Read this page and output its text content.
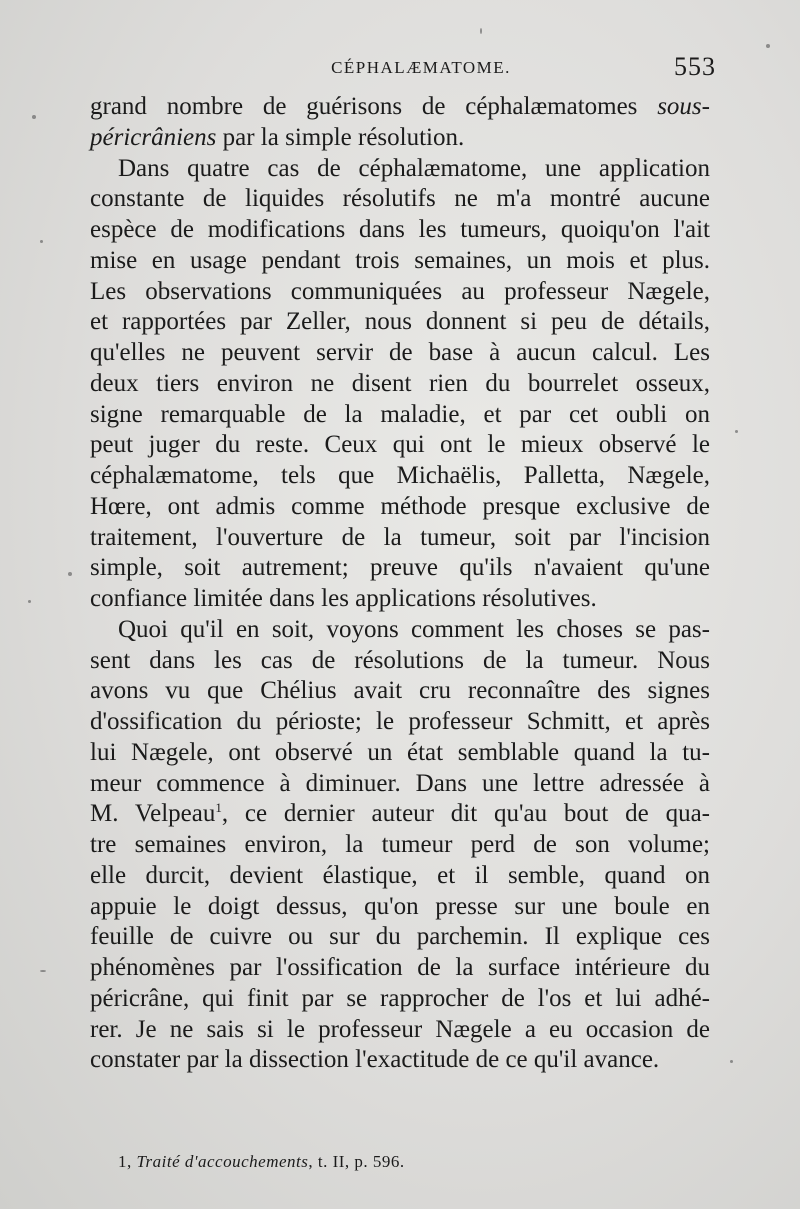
CÉPHALÆMATOME.	553
grand nombre de guérisons de céphalæmatomes sous-
péricrâniens par la simple résolution.
Dans quatre cas de céphalæmatome, une application
constante de liquides résolutifs ne m'a montré aucune
espèce de modifications dans les tumeurs, quoiqu'on l'ait
mise en usage pendant trois semaines, un mois et plus.
Les observations communiquées au professeur Nægele,
et rapportées par Zeller, nous donnent si peu de détails,
qu'elles ne peuvent servir de base à aucun calcul. Les
deux tiers environ ne disent rien du bourrelet osseux,
signe remarquable de la maladie, et par cet oubli on
peut juger du reste. Ceux qui ont le mieux observé le
céphalæmatome, tels que Michaëlis, Palletta, Nægele,
Hœre, ont admis comme méthode presque exclusive de
traitement, l'ouverture de la tumeur, soit par l'incision
simple, soit autrement; preuve qu'ils n'avaient qu'une
confiance limitée dans les applications résolutives.
Quoi qu'il en soit, voyons comment les choses se pas-
sent dans les cas de résolutions de la tumeur. Nous
avons vu que Chélius avait cru reconnaître des signes
d'ossification du périoste; le professeur Schmitt, et après
lui Nægele, ont observé un état semblable quand la tu-
meur commence à diminuer. Dans une lettre adressée à
M. Velpeau$^1$, ce dernier auteur dit qu'au bout de qua-
tre semaines environ, la tumeur perd de son volume;
elle durcit, devient élastique, et il semble, quand on
appuie le doigt dessus, qu'on presse sur une boule en
feuille de cuivre ou sur du parchemin. Il explique ces
phénomènes par l'ossification de la surface intérieure du
péricrâne, qui finit par se rapprocher de l'os et lui adhé-
rer. Je ne sais si le professeur Nægele a eu occasion de
constater par la dissection l'exactitude de ce qu'il avance.
1, Traité d'accouchements, t. II, p. 596.
